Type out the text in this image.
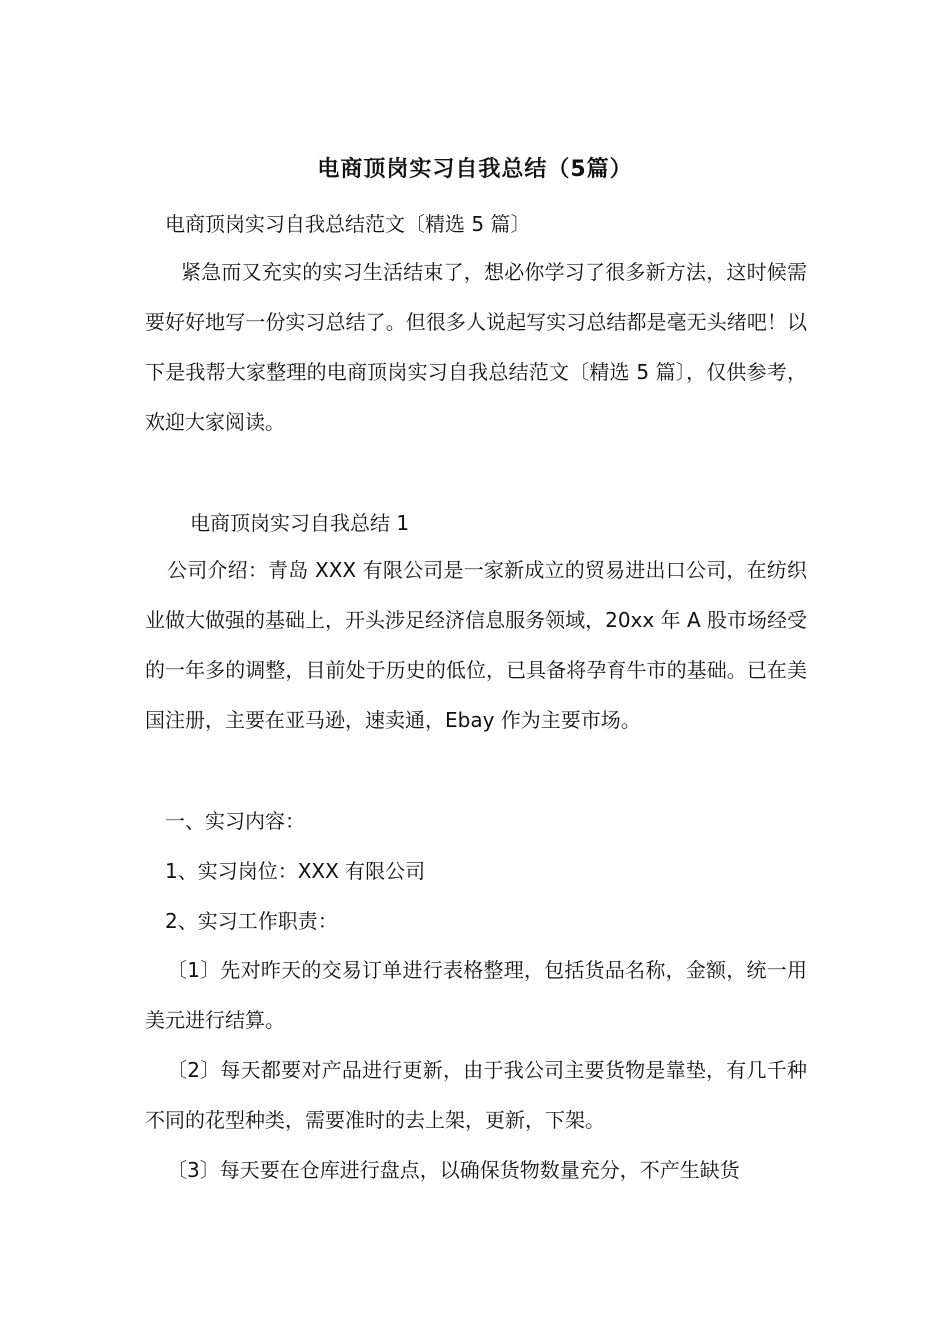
电商顶岗实习自我总结（5篇）
电商顶岗实习自我总结范文〔精选 5 篇〕
紧急而又充实的实习生活结束了，想必你学习了很多新方法，这时候需要好好地写一份实习总结了。但很多人说起写实习总结都是毫无头绪吧！以下是我帮大家整理的电商顶岗实习自我总结范文〔精选 5 篇〕，仅供参考，欢迎大家阅读。
电商顶岗实习自我总结 1
公司介绍：青岛 XXX 有限公司是一家新成立的贸易进出口公司，在纺织业做大做强的基础上，开头涉足经济信息服务领域，20xx 年 A 股市场经受的一年多的调整，目前处于历史的低位，已具备将孕育牛市的基础。已在美国注册，主要在亚马逊，速卖通，Ebay 作为主要市场。
一、实习内容：
1、实习岗位：XXX 有限公司
2、实习工作职责：
〔1〕先对昨天的交易订单进行表格整理，包括货品名称，金额，统一用美元进行结算。
〔2〕每天都要对产品进行更新，由于我公司主要货物是靠垫，有几千种不同的花型种类，需要准时的去上架，更新，下架。
〔3〕每天要在仓库进行盘点，以确保货物数量充分，不产生缺货
